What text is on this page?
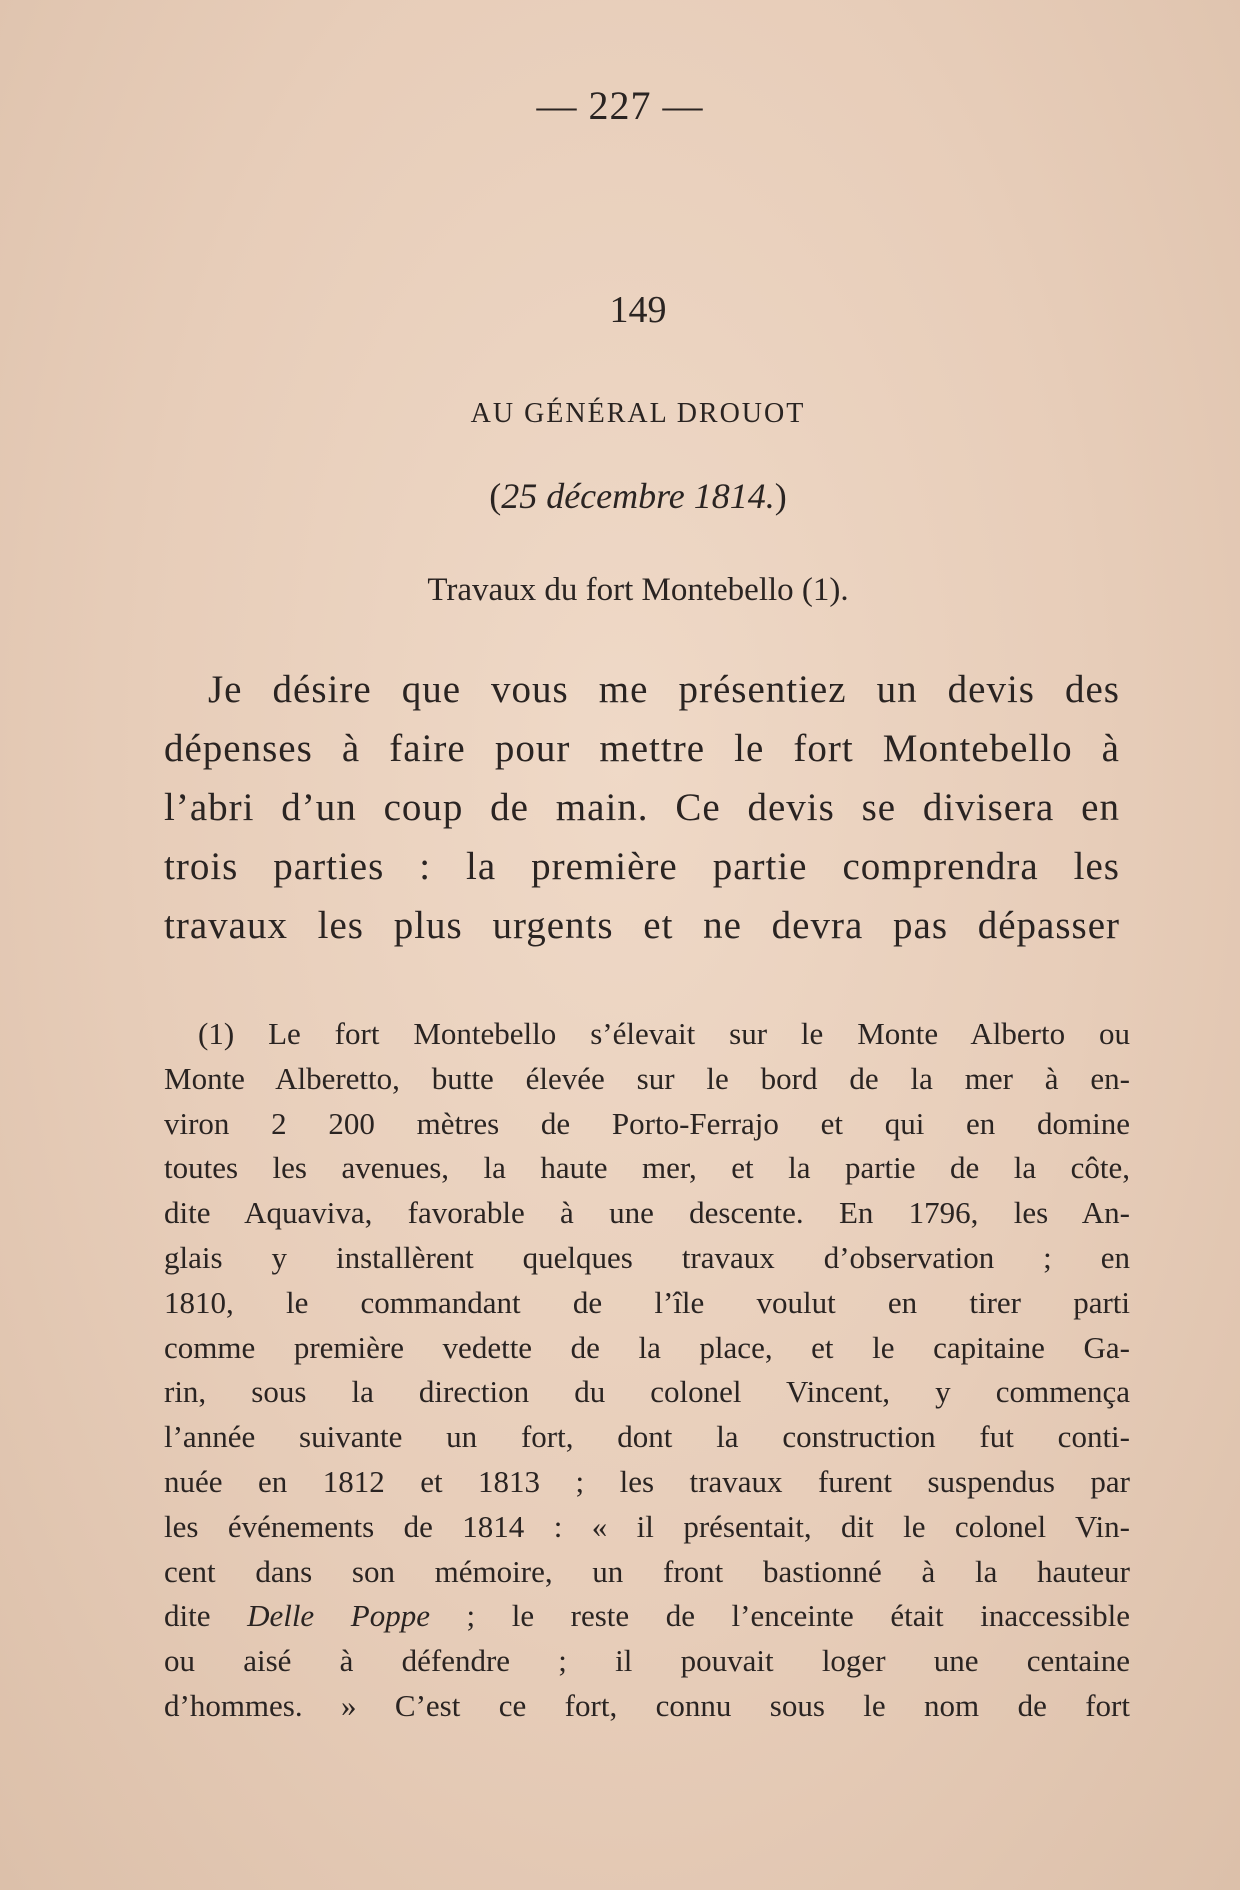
— 227 —
149
AU GÉNÉRAL DROUOT
(25 décembre 1814.)
Travaux du fort Montebello (1).
Je désire que vous me présentiez un devis des
dépenses à faire pour mettre le fort Montebello à
l’abri d’un coup de main. Ce devis se divisera en
trois parties : la première partie comprendra les
travaux les plus urgents et ne devra pas dépasser
(1) Le fort Montebello s’élevait sur le Monte Alberto ou
Monte Alberetto, butte élevée sur le bord de la mer à en-
viron 2 200 mètres de Porto-Ferrajo et qui en domine
toutes les avenues, la haute mer, et la partie de la côte,
dite Aquaviva, favorable à une descente. En 1796, les An-
glais y installèrent quelques travaux d’observation ; en
1810, le commandant de l’île voulut en tirer parti
comme première vedette de la place, et le capitaine Ga-
rin, sous la direction du colonel Vincent, y commença
l’année suivante un fort, dont la construction fut conti-
nuée en 1812 et 1813 ; les travaux furent suspendus par
les événements de 1814 : « il présentait, dit le colonel Vin-
cent dans son mémoire, un front bastionné à la hauteur
dite Delle Poppe ; le reste de l’enceinte était inaccessible
ou aisé à défendre ; il pouvait loger une centaine
d’hommes. » C’est ce fort, connu sous le nom de fort
